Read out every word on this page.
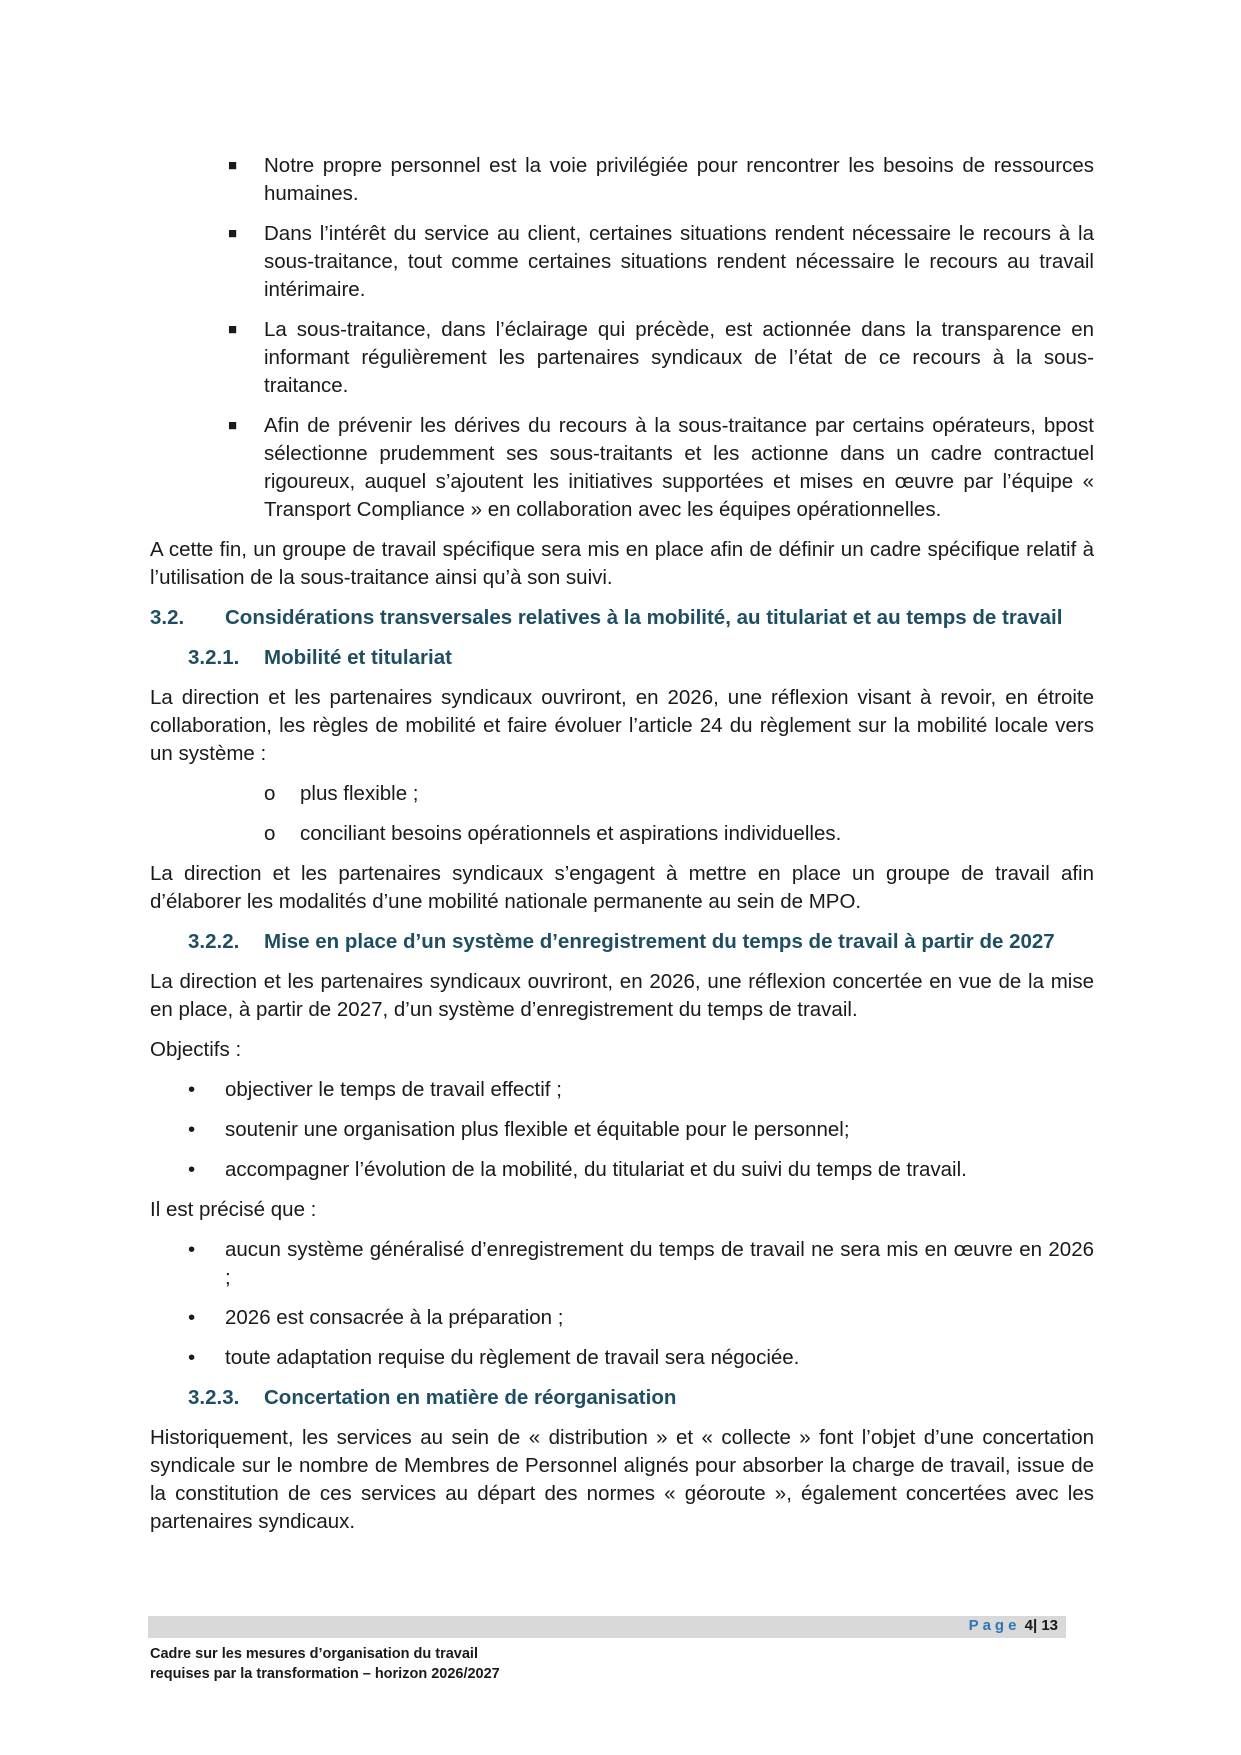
■ Notre propre personnel est la voie privilégiée pour rencontrer les besoins de ressources humaines.

■ Dans l’intérêt du service au client, certaines situations rendent nécessaire le recours à la sous-traitance, tout comme certaines situations rendent nécessaire le recours au travail intérimaire.

■ La sous-traitance, dans l’éclairage qui précède, est actionnée dans la transparence en informant régulièrement les partenaires syndicaux de l’état de ce recours à la sous-traitance.

■ Afin de prévenir les dérives du recours à la sous-traitance par certains opérateurs, bpost sélectionne prudemment ses sous-traitants et les actionne dans un cadre contractuel rigoureux, auquel s’ajoutent les initiatives supportées et mises en œuvre par l’équipe « Transport Compliance » en collaboration avec les équipes opérationnelles.

A cette fin, un groupe de travail spécifique sera mis en place afin de définir un cadre spécifique relatif à l’utilisation de la sous-traitance ainsi qu’à son suivi.

3.2. Considérations transversales relatives à la mobilité, au titulariat et au temps de travail

3.2.1. Mobilité et titulariat

La direction et les partenaires syndicaux ouvriront, en 2026, une réflexion visant à revoir, en étroite collaboration, les règles de mobilité et faire évoluer l’article 24 du règlement sur la mobilité locale vers un système :

o plus flexible ;

o conciliant besoins opérationnels et aspirations individuelles.

La direction et les partenaires syndicaux s’engagent à mettre en place un groupe de travail afin d’élaborer les modalités d’une mobilité nationale permanente au sein de MPO.

3.2.2. Mise en place d’un système d’enregistrement du temps de travail à partir de 2027

La direction et les partenaires syndicaux ouvriront, en 2026, une réflexion concertée en vue de la mise en place, à partir de 2027, d’un système d’enregistrement du temps de travail.

Objectifs :

• objectiver le temps de travail effectif ;

• soutenir une organisation plus flexible et équitable pour le personnel;

• accompagner l’évolution de la mobilité, du titulariat et du suivi du temps de travail.

Il est précisé que :

• aucun système généralisé d’enregistrement du temps de travail ne sera mis en œuvre en 2026 ;

• 2026 est consacrée à la préparation ;

• toute adaptation requise du règlement de travail sera négociée.

3.2.3. Concertation en matière de réorganisation

Historiquement, les services au sein de « distribution » et « collecte » font l’objet d’une concertation syndicale sur le nombre de Membres de Personnel alignés pour absorber la charge de travail, issue de la constitution de ces services au départ des normes « géoroute », également concertées avec les partenaires syndicaux.

Page 4| 13
Cadre sur les mesures d’organisation du travail
requises par la transformation – horizon 2026/2027
